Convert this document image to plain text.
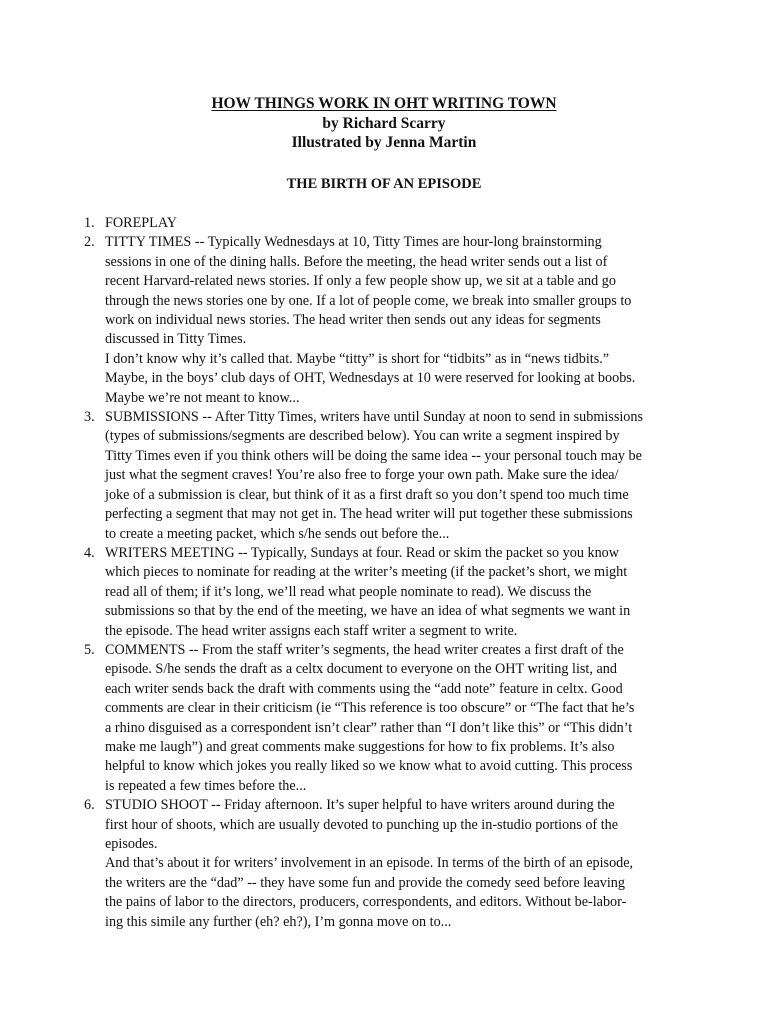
HOW THINGS WORK IN OHT WRITING TOWN
by Richard Scarry
Illustrated by Jenna Martin
THE BIRTH OF AN EPISODE
1. FOREPLAY
2. TITTY TIMES -- Typically Wednesdays at 10, Titty Times are hour-long brainstorming
sessions in one of the dining halls. Before the meeting, the head writer sends out a list of
recent Harvard-related news stories. If only a few people show up, we sit at a table and go
through the news stories one by one. If a lot of people come, we break into smaller groups to
work on individual news stories. The head writer then sends out any ideas for segments
discussed in Titty Times.
I don’t know why it’s called that. Maybe “titty” is short for “tidbits” as in “news tidbits.”
Maybe, in the boys’ club days of OHT, Wednesdays at 10 were reserved for looking at boobs.
Maybe we’re not meant to know...
3. SUBMISSIONS -- After Titty Times, writers have until Sunday at noon to send in submissions
(types of submissions/segments are described below). You can write a segment inspired by
Titty Times even if you think others will be doing the same idea -- your personal touch may be
just what the segment craves! You’re also free to forge your own path. Make sure the idea/
joke of a submission is clear, but think of it as a first draft so you don’t spend too much time
perfecting a segment that may not get in. The head writer will put together these submissions
to create a meeting packet, which s/he sends out before the...
4. WRITERS MEETING -- Typically, Sundays at four. Read or skim the packet so you know
which pieces to nominate for reading at the writer’s meeting (if the packet’s short, we might
read all of them; if it’s long, we’ll read what people nominate to read). We discuss the
submissions so that by the end of the meeting, we have an idea of what segments we want in
the episode. The head writer assigns each staff writer a segment to write.
5. COMMENTS -- From the staff writer’s segments, the head writer creates a first draft of the
episode. S/he sends the draft as a celtx document to everyone on the OHT writing list, and
each writer sends back the draft with comments using the “add note” feature in celtx. Good
comments are clear in their criticism (ie “This reference is too obscure” or “The fact that he’s
a rhino disguised as a correspondent isn’t clear” rather than “I don’t like this” or “This didn’t
make me laugh”) and great comments make suggestions for how to fix problems. It’s also
helpful to know which jokes you really liked so we know what to avoid cutting. This process
is repeated a few times before the...
6. STUDIO SHOOT -- Friday afternoon. It’s super helpful to have writers around during the
first hour of shoots, which are usually devoted to punching up the in-studio portions of the
episodes.
And that’s about it for writers’ involvement in an episode. In terms of the birth of an episode,
the writers are the “dad” -- they have some fun and provide the comedy seed before leaving
the pains of labor to the directors, producers, correspondents, and editors. Without be-labor-
ing this simile any further (eh? eh?), I’m gonna move on to...
